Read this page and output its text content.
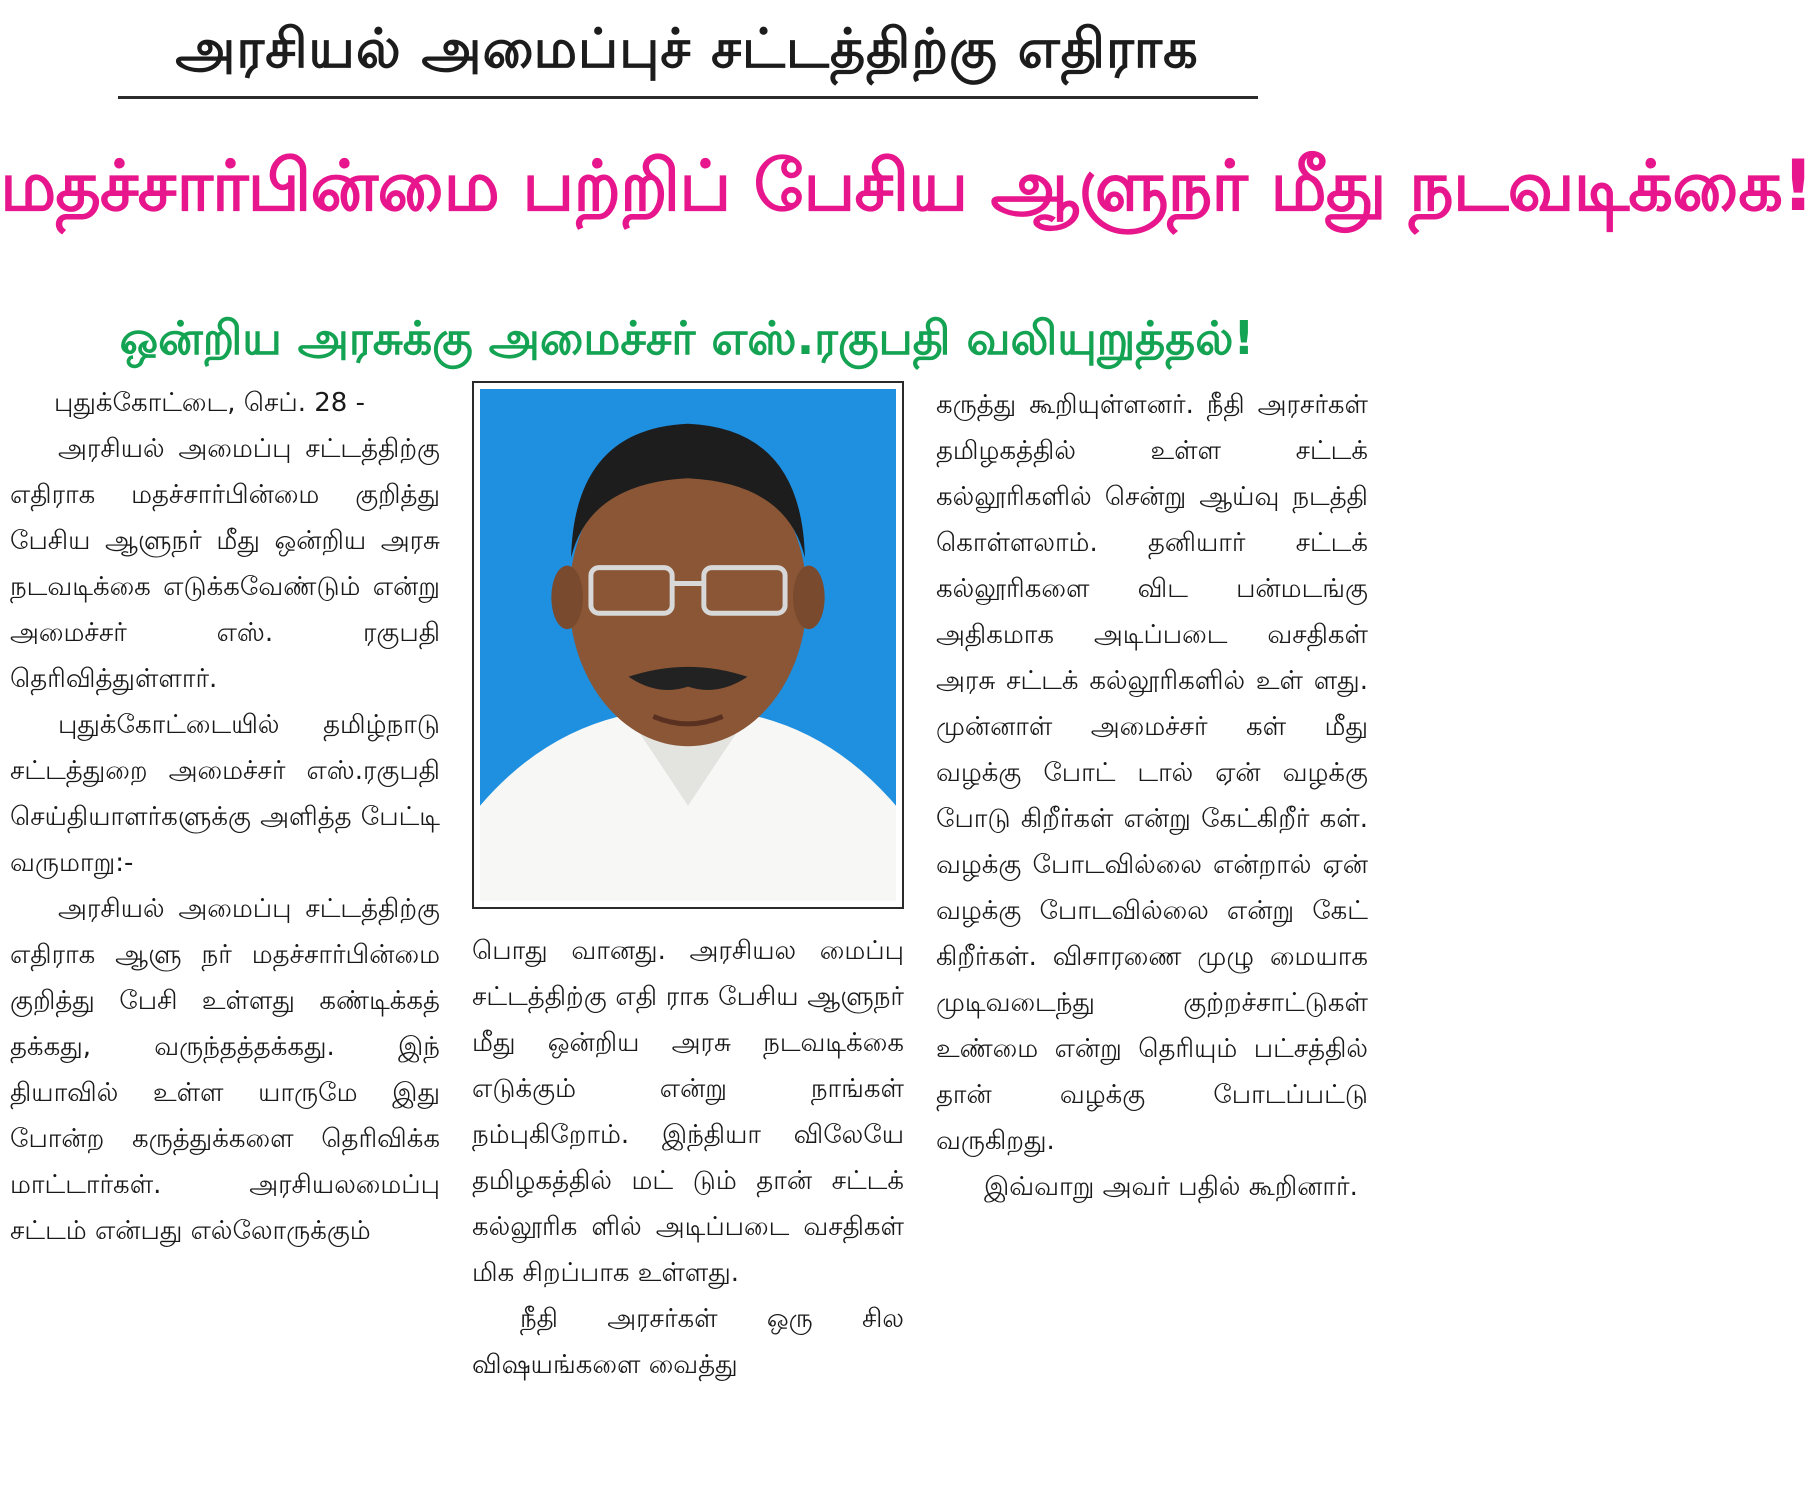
அரசியல் அமைப்புச் சட்டத்திற்கு எதிராக
மதச்சார்பின்மை பற்றிப் பேசிய ஆளுநர் மீது நடவடிக்கை!
ஒன்றிய அரசுக்கு அமைச்சர் எஸ்.ரகுபதி வலியுறுத்தல்!

புதுக்கோட்டை, செப். 28 -

அரசியல் அமைப்பு சட்டத்திற்கு எதிராக மதச்சார்பின்மை குறித்து பேசிய ஆளுநர் மீது ஒன்றிய அரசு நடவடிக்கை எடுக்கவேண்டும் என்று அமைச்சர் எஸ். ரகுபதி தெரிவித்துள்ளார்.

புதுக்கோட்டையில் தமிழ்நாடு சட்டத்துறை அமைச்சர் எஸ்.ரகுபதி செய்தியாளர்களுக்கு அளித்த பேட்டி வருமாறு:-

அரசியல் அமைப்பு சட்டத்திற்கு எதிராக ஆளு நர் மதச்சார்பின்மை குறித்து பேசி உள்ளது கண்டிக்கத் தக்கது, வருந்தத்தக்கது. இந் தியாவில் உள்ள யாருமே இது போன்ற கருத்துக்களை தெரிவிக்க மாட்டார்கள். அரசியலமைப்பு சட்டம் என்பது எல்லோருக்கும்

பொது வானது. அரசியல மைப்பு சட்டத்திற்கு எதி ராக பேசிய ஆளுநர் மீது ஒன்றிய அரசு நடவடிக்கை எடுக்கும் என்று நாங்கள் நம்புகிறோம். இந்தியா விலேயே தமிழகத்தில் மட் டும் தான் சட்டக் கல்லூரிக ளில் அடிப்படை வசதிகள் மிக சிறப்பாக உள்ளது.

நீதி அரசர்கள் ஒரு சில விஷயங்களை வைத்து

கருத்து கூறியுள்ளனர். நீதி அரசர்கள் தமிழகத்தில் உள்ள சட்டக் கல்லூரிகளில் சென்று ஆய்வு நடத்தி கொள்ளலாம். தனியார் சட்டக் கல்லூரிகளை விட பன்மடங்கு அதிகமாக அடிப்படை வசதிகள் அரசு சட்டக் கல்லூரிகளில் உள் ளது. முன்னாள் அமைச்சர் கள் மீது வழக்கு போட் டால் ஏன் வழக்கு போடு கிறீர்கள் என்று கேட்கிறீர் கள். வழக்கு போடவில்லை என்றால் ஏன் வழக்கு போடவில்லை என்று கேட் கிறீர்கள். விசாரணை முழு மையாக முடிவடைந்து குற்றச்சாட்டுகள் உண்மை என்று தெரியும் பட்சத்தில் தான் வழக்கு போடப்பட்டு வருகிறது.

இவ்வாறு அவர் பதில் கூறினார்.
